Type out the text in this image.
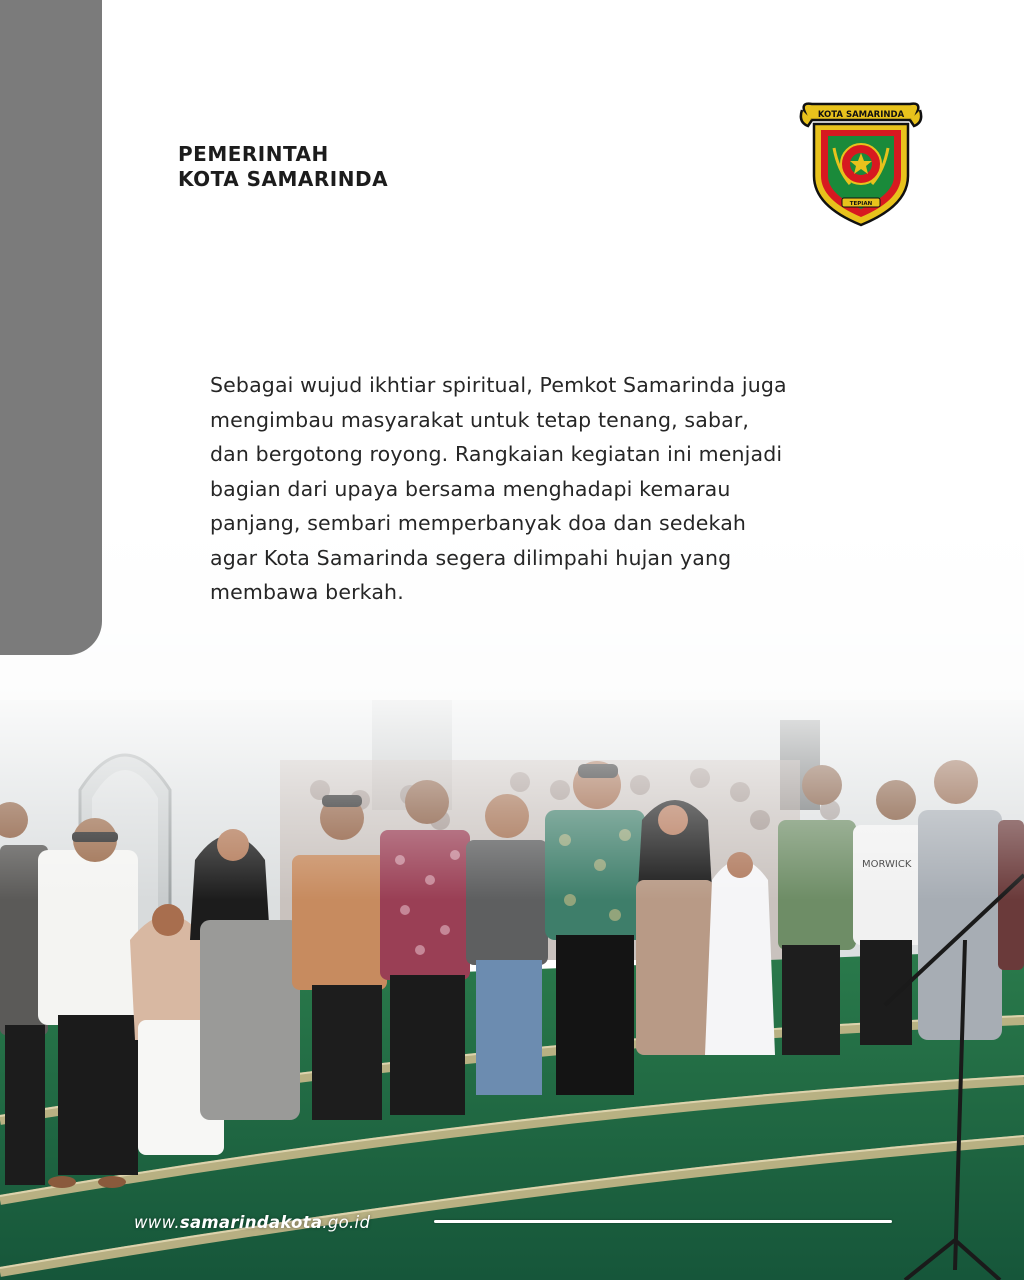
PEMERINTAH
KOTA SAMARINDA
KOTA SAMARINDA
TEPIAN

Sebagai wujud ikhtiar spiritual, Pemkot Samarinda juga
mengimbau masyarakat untuk tetap tenang, sabar,
dan bergotong royong. Rangkaian kegiatan ini menjadi
bagian dari upaya bersama menghadapi kemarau
panjang, sembari memperbanyak doa dan sedekah
agar Kota Samarinda segera dilimpahi hujan yang
membawa berkah.

www.samarindakota.go.id
